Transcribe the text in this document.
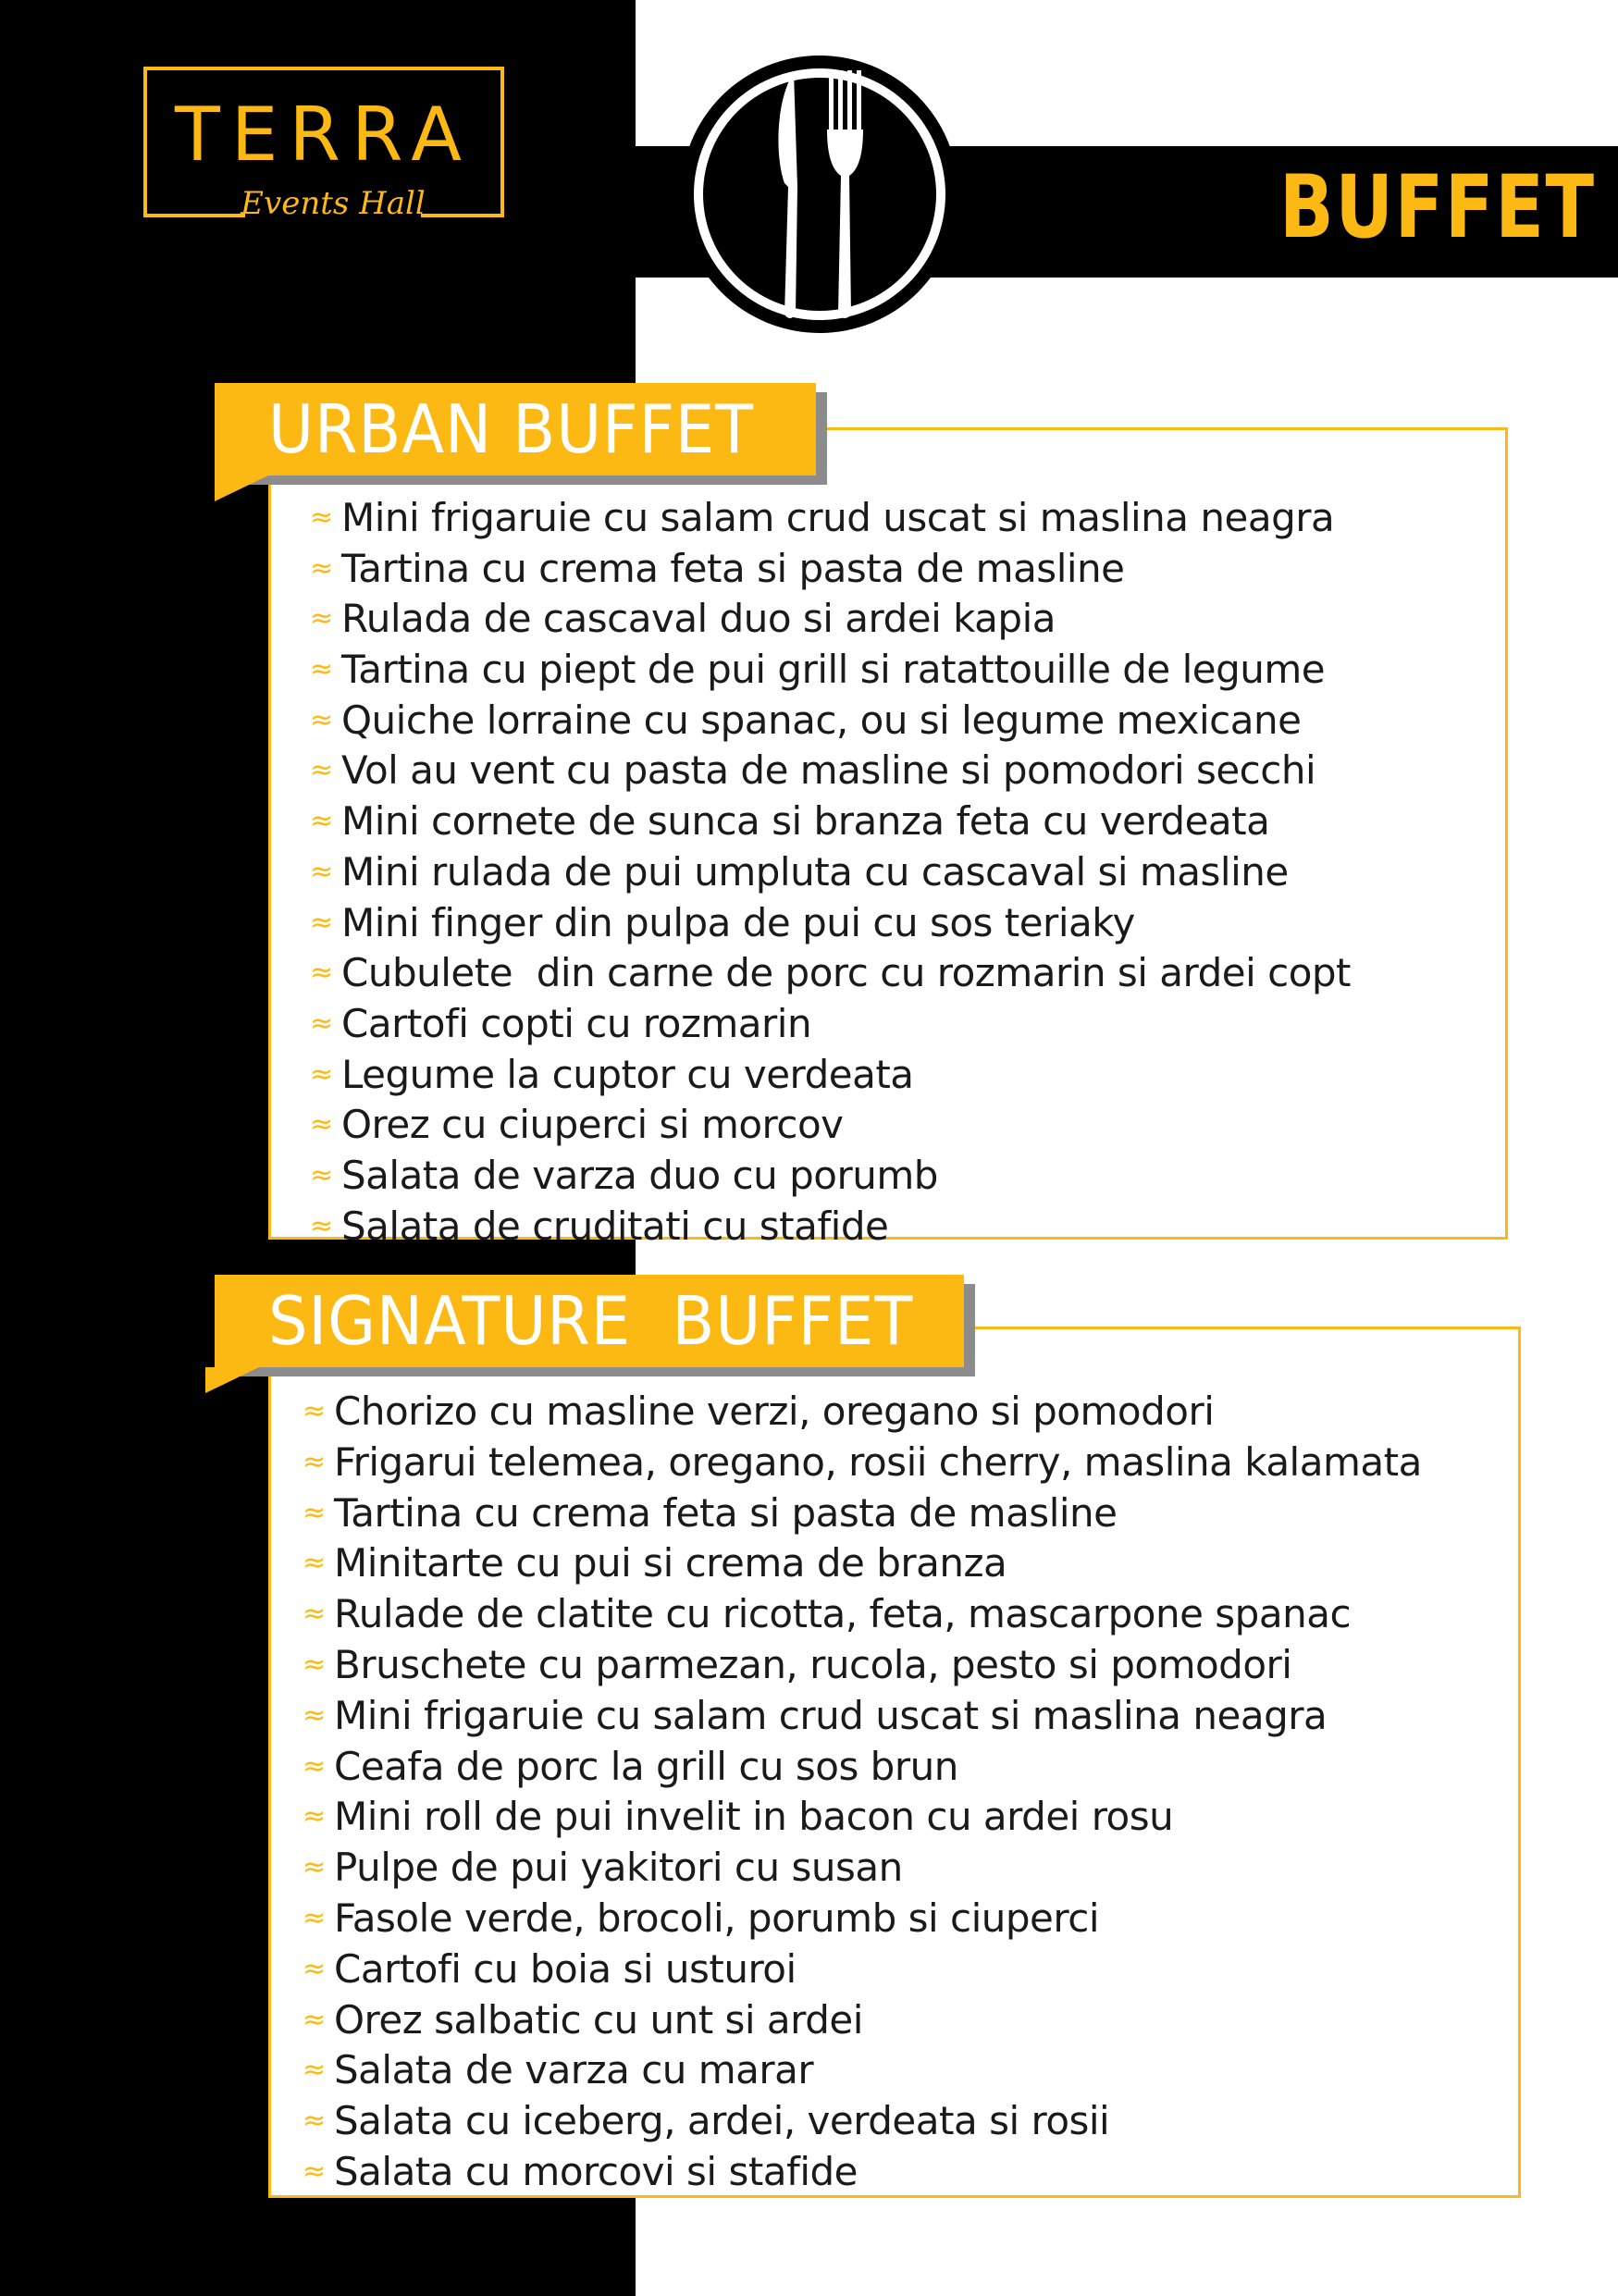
TERRA
Events Hall	BUFFET
≈ Mini frigaruie cu salam crud uscat si maslina neagra
≈ Tartina cu crema feta si pasta de masline
≈ Rulada de cascaval duo si ardei kapia
≈ Tartina cu piept de pui grill si ratattouille de legume
≈ Quiche lorraine cu spanac, ou si legume mexicane
≈ Vol au vent cu pasta de masline si pomodori secchi
≈ Mini cornete de sunca si branza feta cu verdeata
≈ Mini rulada de pui umpluta cu cascaval si masline
≈ Mini finger din pulpa de pui cu sos teriaky
≈ Cubulete  din carne de porc cu rozmarin si ardei copt
≈ Cartofi copti cu rozmarin
≈ Legume la cuptor cu verdeata
≈ Orez cu ciuperci si morcov
≈ Salata de varza duo cu porumb
≈ Salata de cruditati cu stafide
URBAN BUFFET
≈ Chorizo cu masline verzi, oregano si pomodori
≈ Frigarui telemea, oregano, rosii cherry, maslina kalamata
≈ Tartina cu crema feta si pasta de masline
≈ Minitarte cu pui si crema de branza
≈ Rulade de clatite cu ricotta, feta, mascarpone spanac
≈ Bruschete cu parmezan, rucola, pesto si pomodori
≈ Mini frigaruie cu salam crud uscat si maslina neagra
≈ Ceafa de porc la grill cu sos brun
≈ Mini roll de pui invelit in bacon cu ardei rosu
≈ Pulpe de pui yakitori cu susan
≈ Fasole verde, brocoli, porumb si ciuperci
≈ Cartofi cu boia si usturoi
≈ Orez salbatic cu unt si ardei
≈ Salata de varza cu marar
≈ Salata cu iceberg, ardei, verdeata si rosii
≈ Salata cu morcovi si stafide
SIGNATURE  BUFFET
